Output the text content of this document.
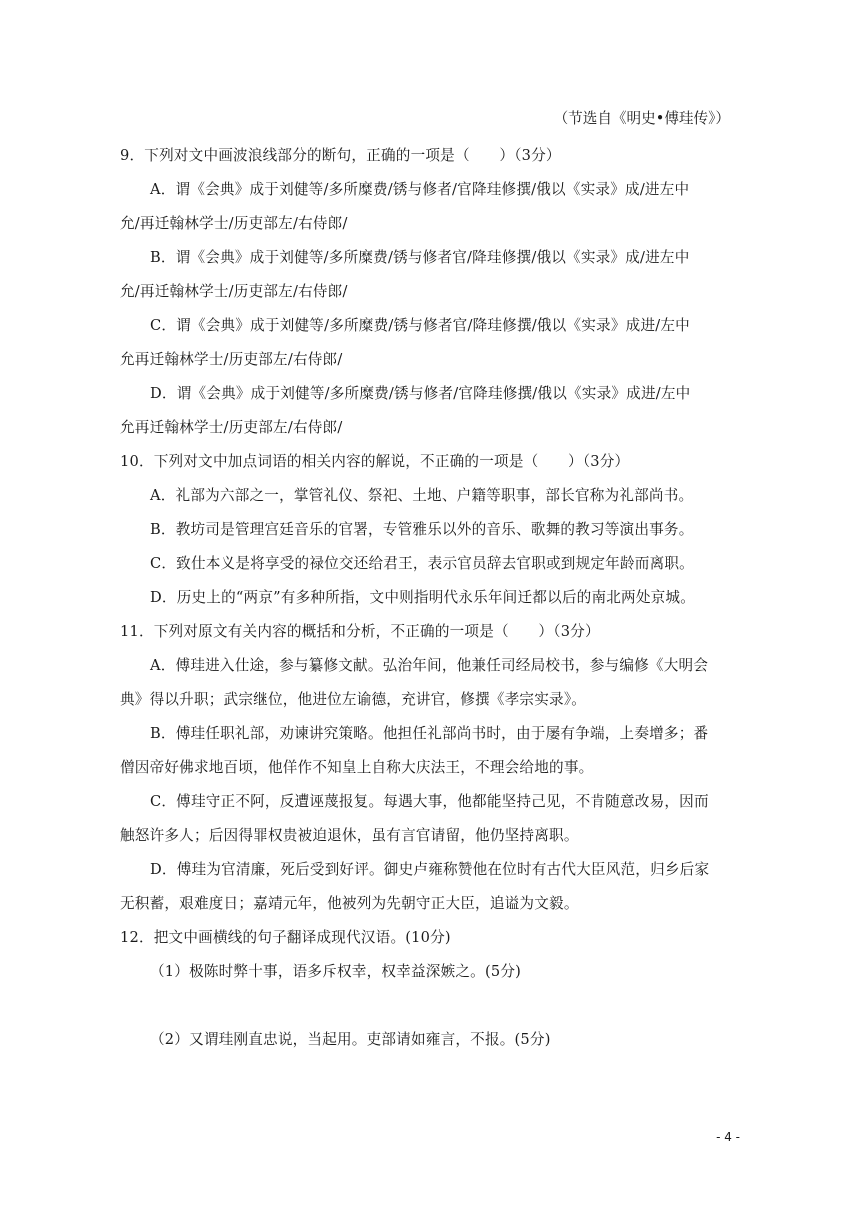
（节选自《明史•傅珪传》）
9．下列对文中画波浪线部分的断句，正确的一项是（　　）（3分）
A．谓《会典》成于刘健等/多所糜费/锈与修者/官降珪修撰/俄以《实录》成/进左中
允/再迁翰林学士/历吏部左/右侍郎/
B．谓《会典》成于刘健等/多所糜费/锈与修者官/降珪修撰/俄以《实录》成/进左中
允/再迁翰林学士/历吏部左/右侍郎/
C．谓《会典》成于刘健等/多所糜费/锈与修者官/降珪修撰/俄以《实录》成进/左中
允再迁翰林学士/历吏部左/右侍郎/
D．谓《会典》成于刘健等/多所糜费/锈与修者/官降珪修撰/俄以《实录》成进/左中
允再迁翰林学士/历吏部左/右侍郎/
10．下列对文中加点词语的相关内容的解说，不正确的一项是（　　）（3分）
A．礼部为六部之一，掌管礼仪、祭祀、土地、户籍等职事，部长官称为礼部尚书。
B．教坊司是管理宫廷音乐的官署，专管雅乐以外的音乐、歌舞的教习等演出事务。
C．致仕本义是将享受的禄位交还给君王，表示官员辞去官职或到规定年龄而离职。
D．历史上的“两京”有多种所指，文中则指明代永乐年间迁都以后的南北两处京城。
11．下列对原文有关内容的概括和分析，不正确的一项是（　　）（3分）
A．傅珪进入仕途，参与纂修文献。弘治年间，他兼任司经局校书，参与编修《大明会
典》得以升职；武宗继位，他进位左谕德，充讲官，修撰《孝宗实录》。
B．傅珪任职礼部，劝谏讲究策略。他担任礼部尚书时，由于屡有争端，上奏增多；番
僧因帝好佛求地百顷，他佯作不知皇上自称大庆法王，不理会给地的事。
C．傅珪守正不阿，反遭诬蔑报复。每遇大事，他都能坚持己见，不肯随意改易，因而
触怒许多人；后因得罪权贵被迫退休，虽有言官请留，他仍坚持离职。
D．傅珪为官清廉，死后受到好评。御史卢雍称赞他在位时有古代大臣风范，归乡后家
无积蓄，艰难度日；嘉靖元年，他被列为先朝守正大臣，追谥为文毅。
12．把文中画横线的句子翻译成现代汉语。(10分)
（1）极陈时弊十事，语多斥权幸，权幸益深嫉之。(5分)
（2）又谓珪刚直忠说，当起用。吏部请如雍言，不报。(5分)
- 4 -
